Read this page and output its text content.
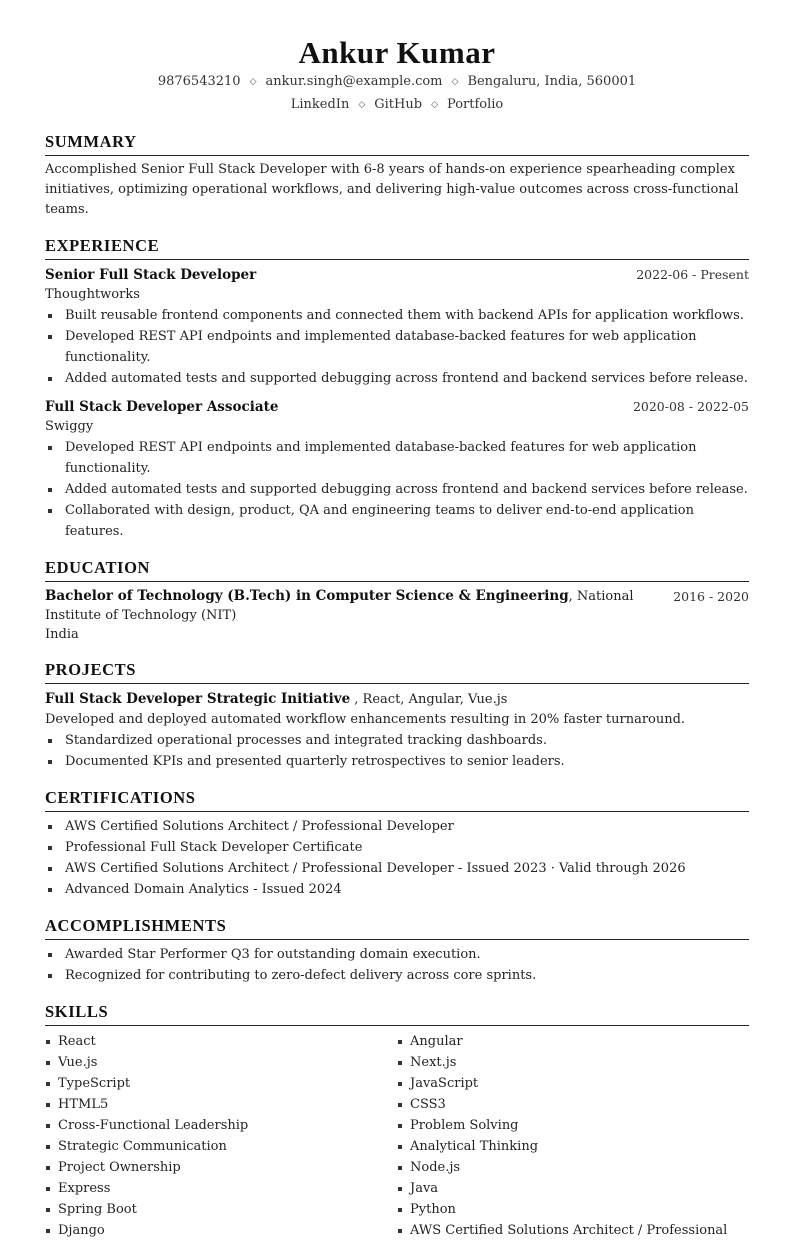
Ankur Kumar
9876543210 ◇ ankur.singh@example.com ◇ Bengaluru, India, 560001
LinkedIn ◇ GitHub ◇ Portfolio
SUMMARY
Accomplished Senior Full Stack Developer with 6-8 years of hands-on experience spearheading complex initiatives, optimizing operational workflows, and delivering high-value outcomes across cross-functional teams.
EXPERIENCE
Senior Full Stack Developer	2022-06 - Present
Thoughtworks
Built reusable frontend components and connected them with backend APIs for application workflows.
Developed REST API endpoints and implemented database-backed features for web application functionality.
Added automated tests and supported debugging across frontend and backend services before release.
Full Stack Developer Associate	2020-08 - 2022-05
Swiggy
Developed REST API endpoints and implemented database-backed features for web application functionality.
Added automated tests and supported debugging across frontend and backend services before release.
Collaborated with design, product, QA and engineering teams to deliver end-to-end application features.
EDUCATION
Bachelor of Technology (B.Tech) in Computer Science & Engineering, National Institute of Technology (NIT)
2016 - 2020
India
PROJECTS
Full Stack Developer Strategic Initiative , React, Angular, Vue.js
Developed and deployed automated workflow enhancements resulting in 20% faster turnaround.
Standardized operational processes and integrated tracking dashboards.
Documented KPIs and presented quarterly retrospectives to senior leaders.
CERTIFICATIONS
AWS Certified Solutions Architect / Professional Developer
Professional Full Stack Developer Certificate
AWS Certified Solutions Architect / Professional Developer - Issued 2023 · Valid through 2026
Advanced Domain Analytics - Issued 2024
ACCOMPLISHMENTS
Awarded Star Performer Q3 for outstanding domain execution.
Recognized for contributing to zero-defect delivery across core sprints.
SKILLS
React
Vue.js
TypeScript
HTML5
Cross-Functional Leadership
Strategic Communication
Project Ownership
Express
Spring Boot
Django
Angular
Next.js
JavaScript
CSS3
Problem Solving
Analytical Thinking
Node.js
Java
Python
AWS Certified Solutions Architect / Professional
